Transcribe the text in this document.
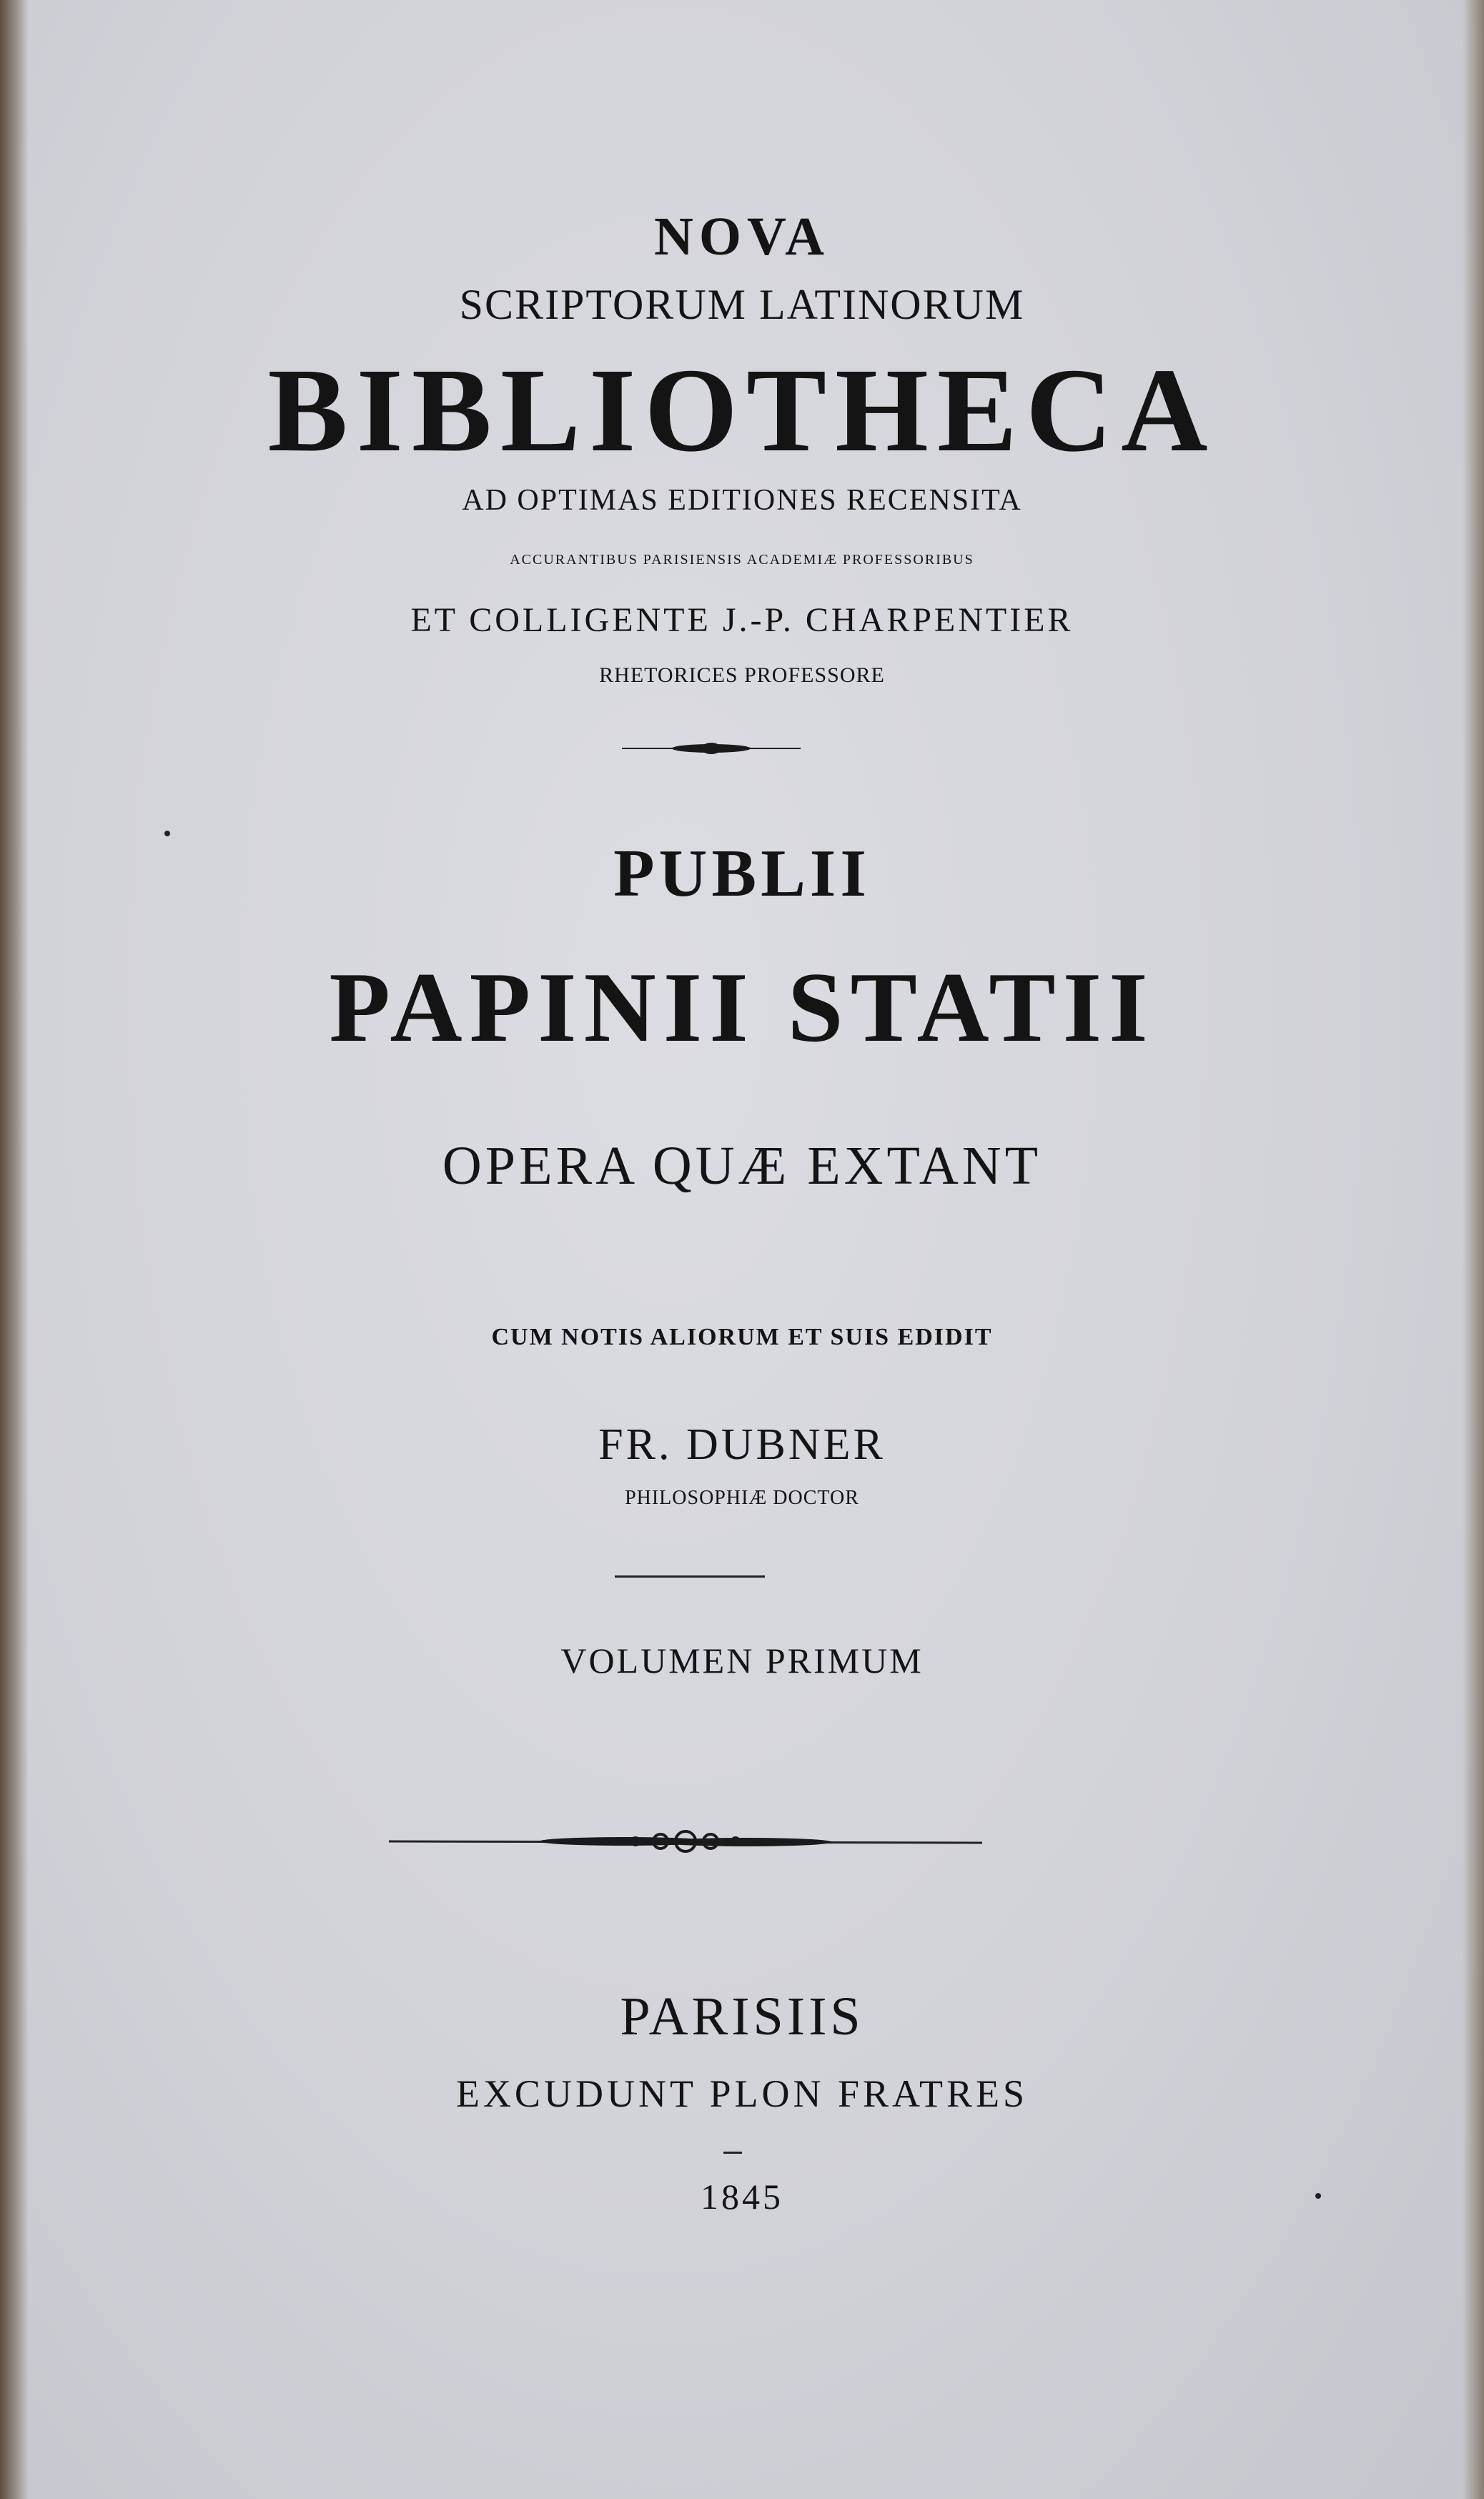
NOVA
SCRIPTORUM LATINORUM
BIBLIOTHECA
AD OPTIMAS EDITIONES RECENSITA
ACCURANTIBUS PARISIENSIS ACADEMIÆ PROFESSORIBUS
ET COLLIGENTE J.-P. CHARPENTIER
RHETORICES PROFESSORE
PUBLII
PAPINII STATII
OPERA QUÆ EXTANT
CUM NOTIS ALIORUM ET SUIS EDIDIT
FR. DUBNER
PHILOSOPHIÆ DOCTOR
VOLUMEN PRIMUM
PARISIIS
EXCUDUNT PLON FRATRES
1845
